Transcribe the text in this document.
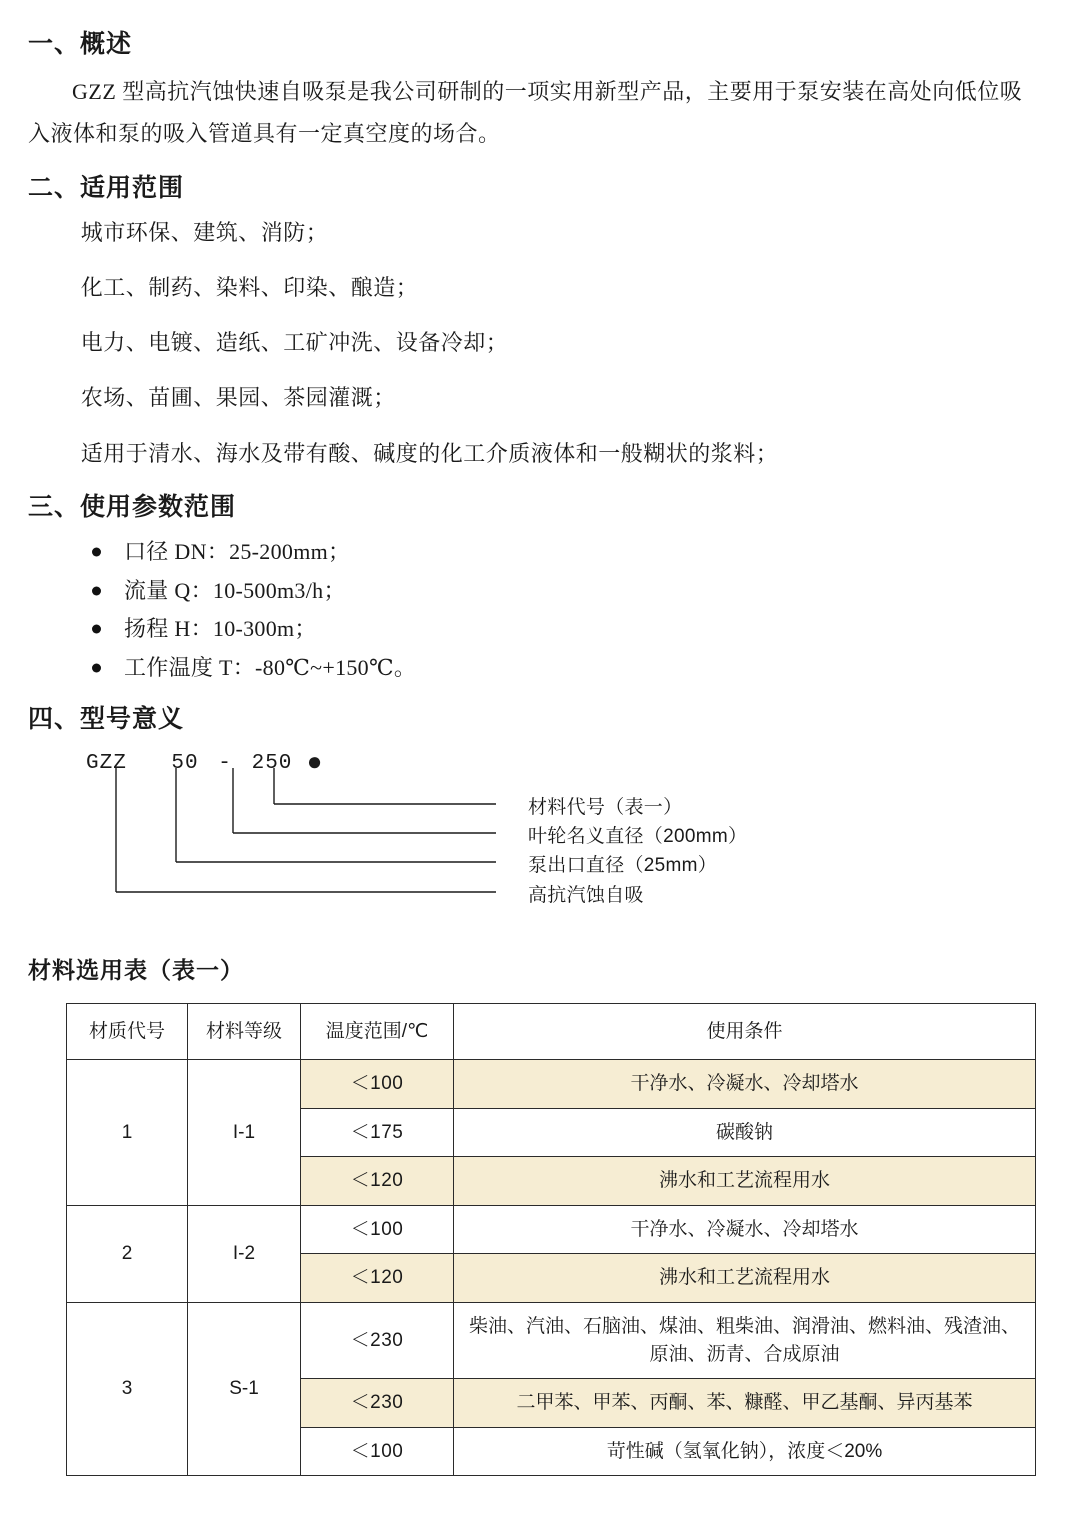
一、概述

GZZ 型高抗汽蚀快速自吸泵是我公司研制的一项实用新型产品，主要用于泵安装在高处向低位吸入液体和泵的吸入管道具有一定真空度的场合。

二、适用范围

城市环保、建筑、消防；

化工、制药、染料、印染、酿造；

电力、电镀、造纸、工矿冲洗、设备冷却；

农场、苗圃、果园、茶园灌溉；

适用于清水、海水及带有酸、碱度的化工介质液体和一般糊状的浆料；

三、使用参数范围
口径 DN：25-200mm；
流量 Q：10-500m3/h；
扬程 H：10-300m；
工作温度 T：-80℃~+150℃。
四、型号意义
GZZ 50 - 250 ●
材料代号（表一）
叶轮名义直径（200mm）
泵出口直径（25mm）
高抗汽蚀自吸
材料选用表（表一）
材质代号	材料等级	温度范围/℃	使用条件
1	I-1	＜100	干净水、冷凝水、冷却塔水
		＜175	碳酸钠
		＜120	沸水和工艺流程用水
2	I-2	＜100	干净水、冷凝水、冷却塔水
		＜120	沸水和工艺流程用水
3	S-1	＜230	柴油、汽油、石脑油、煤油、粗柴油、润滑油、燃料油、残渣油、原油、沥青、合成原油
		＜230	二甲苯、甲苯、丙酮、苯、糠醛、甲乙基酮、异丙基苯
		＜100	苛性碱（氢氧化钠），浓度＜20%
